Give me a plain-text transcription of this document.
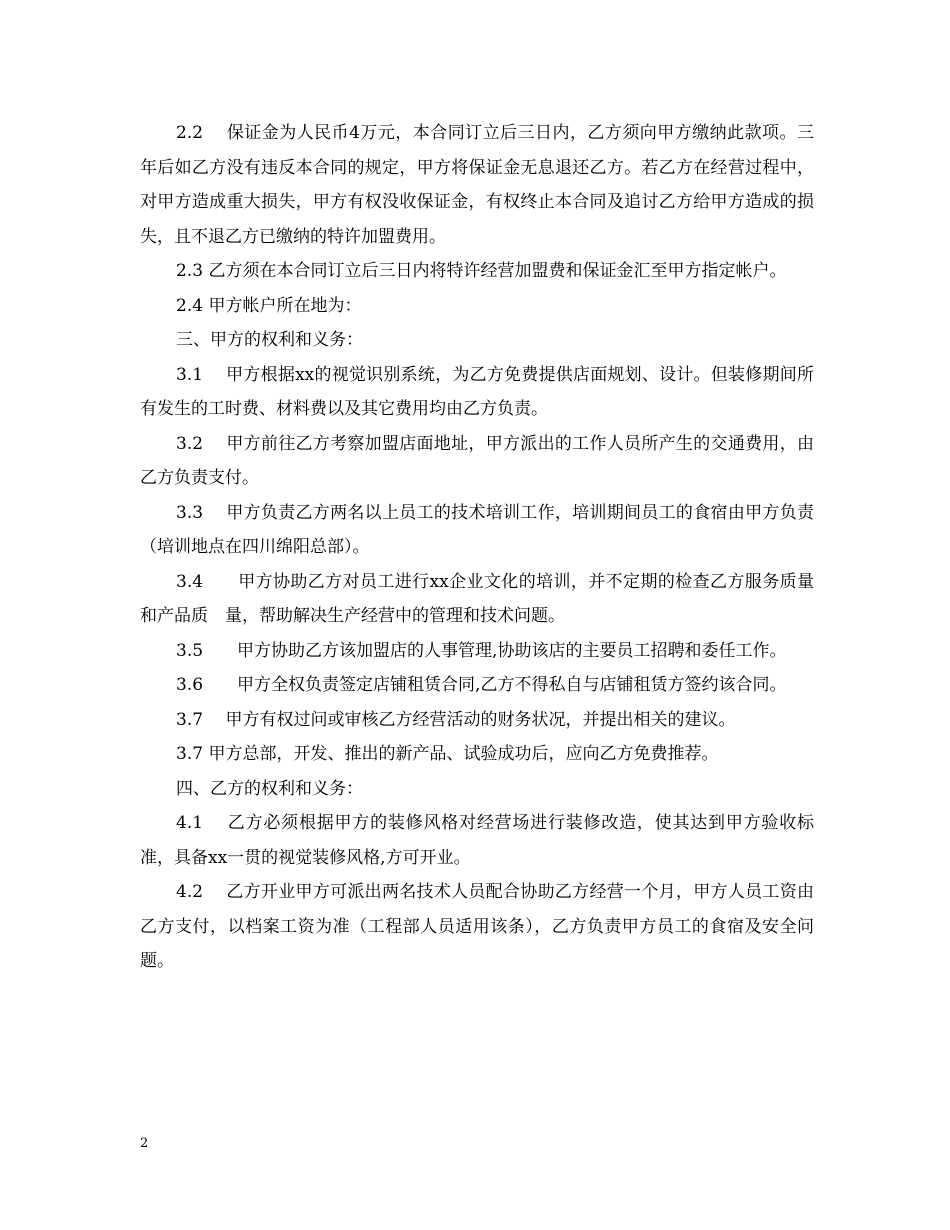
2.2　 保证金为人民币4万元，本合同订立后三日内，乙方须向甲方缴纳此款项。三年后如乙方没有违反本合同的规定，甲方将保证金无息退还乙方。若乙方在经营过程中，对甲方造成重大损失，甲方有权没收保证金，有权终止本合同及追讨乙方给甲方造成的损失，且不退乙方已缴纳的特许加盟费用。

2.3 乙方须在本合同订立后三日内将特许经营加盟费和保证金汇至甲方指定帐户。

2.4 甲方帐户所在地为：

三、甲方的权利和义务：

3.1　 甲方根据xx的视觉识别系统，为乙方免费提供店面规划、设计。但装修期间所有发生的工时费、材料费以及其它费用均由乙方负责。

3.2　 甲方前往乙方考察加盟店面地址，甲方派出的工作人员所产生的交通费用，由乙方负责支付。

3.3　 甲方负责乙方两名以上员工的技术培训工作，培训期间员工的食宿由甲方负责（培训地点在四川绵阳总部）。

3.4　　甲方协助乙方对员工进行xx企业文化的培训，并不定期的检查乙方服务质量和产品质　量，帮助解决生产经营中的管理和技术问题。

3.5　　甲方协助乙方该加盟店的人事管理,协助该店的主要员工招聘和委任工作。

3.6　　甲方全权负责签定店铺租赁合同,乙方不得私自与店铺租赁方签约该合同。

3.7　 甲方有权过问或审核乙方经营活动的财务状况，并提出相关的建议。

3.7 甲方总部，开发、推出的新产品、试验成功后，应向乙方免费推荐。

四、乙方的权利和义务：

4.1　 乙方必须根据甲方的装修风格对经营场进行装修改造，使其达到甲方验收标准，具备xx一贯的视觉装修风格,方可开业。

4.2　 乙方开业甲方可派出两名技术人员配合协助乙方经营一个月，甲方人员工资由乙方支付，以档案工资为准（工程部人员适用该条），乙方负责甲方员工的食宿及安全问题。

2
